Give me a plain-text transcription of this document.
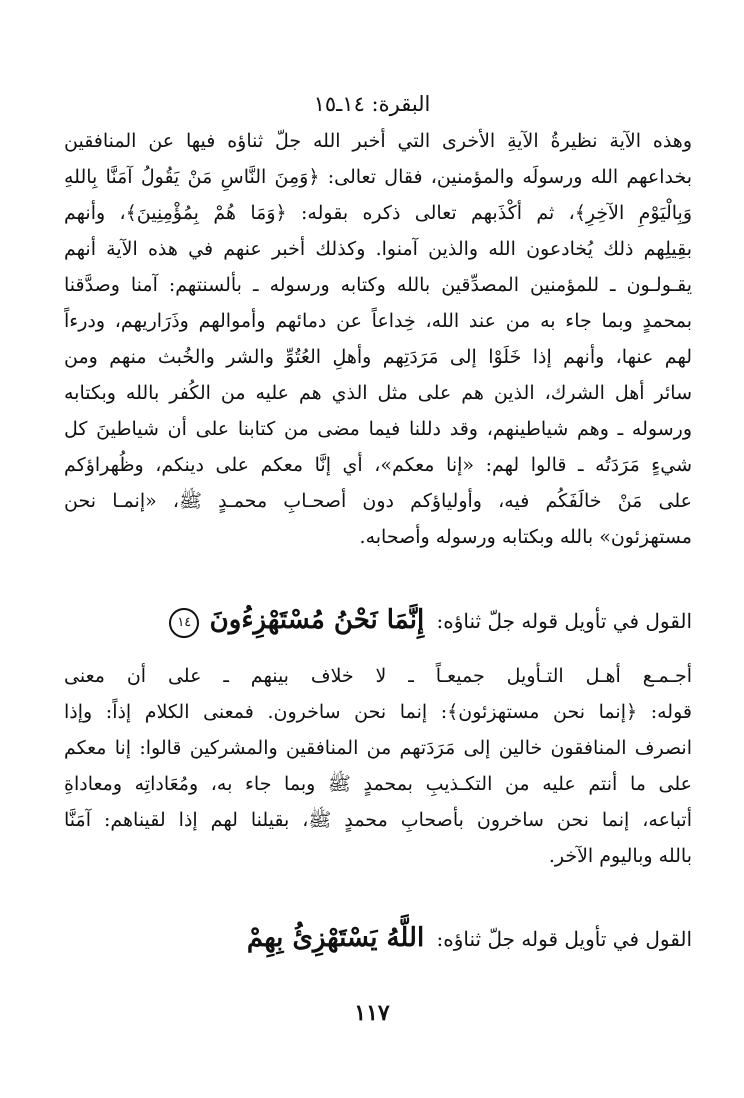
البقرة: ١٤ـ١٥
وهذه الآية نظيرةُ الآيةِ الأخرى التي أخبر الله جلّ ثناؤه فيها عن المنافقين
بخداعهم الله ورسولَه والمؤمنين، فقال تعالى: ﴿وَمِنَ النَّاسِ مَنْ يَقُولُ آمَنَّا بِاللهِ
وَبِالْيَوْمِ الآخِرِ﴾، ثم أكْذَبهم تعالى ذكره بقوله: ﴿وَمَا هُمْ بِمُؤْمِنِينَ﴾، وأنهم
بقِيلِهم ذلك يُخادعون الله والذين آمنوا. وكذلك أخبر عنهم في هذه الآية أنهم
يقـولـون ـ للمؤمنين المصدِّقين بالله وكتابه ورسوله ـ بألسنتهم: آمنا وصدَّقنا
بمحمدٍ وبما جاء به من عند الله، خِداعاً عن دمائهم وأموالهم وذَرَاريهم، ودرءاً
لهم عنها، وأنهم إذا خَلَوْا إلى مَرَدَتِهم وأهلِ العُتُوِّ والشر والخُبث منهم ومن
سائر أهل الشرك، الذين هم على مثل الذي هم عليه من الكُفر بالله وبكتابه
ورسوله ـ وهم شياطينهم، وقد دللنا فيما مضى من كتابنا على أن شياطينَ كل
شيءٍ مَرَدَتُه ـ قالوا لهم: «إنا معكم»، أي إنَّا معكم على دينكم، وظُهراؤكم
على مَنْ خالَفَكُم فيه، وأولياؤكم دون أصحـابِ محمـدٍ ﷺ، «إنمـا نحن
مستهزئون» بالله وبكتابه ورسوله وأصحابه.
القول في تأويل قوله جلّ ثناؤه: إِنَّمَا نَحْنُ مُسْتَهْزِءُونَ ١٤
أجـمـع أهـل التـأويل جميعـاً ـ لا خلاف بينهم ـ على أن معنى
قوله: ﴿إنما نحن مستهزئون﴾: إنما نحن ساخرون. فمعنى الكلام إذاً: وإذا
انصرف المنافقون خالين إلى مَرَدَتهم من المنافقين والمشركين قالوا: إنا معكم
على ما أنتم عليه من التكـذيبِ بمحمدٍ ﷺ وبما جاء به، ومُعَاداتِه ومعاداةِ
أتباعه، إنما نحن ساخرون بأصحابِ محمدٍ ﷺ، بقيلنا لهم إذا لقيناهم: آمَنَّا
بالله وباليوم الآخر.
القول في تأويل قوله جلّ ثناؤه: اللَّهُ يَسْتَهْزِئُ بِهِمْ
١١٧
